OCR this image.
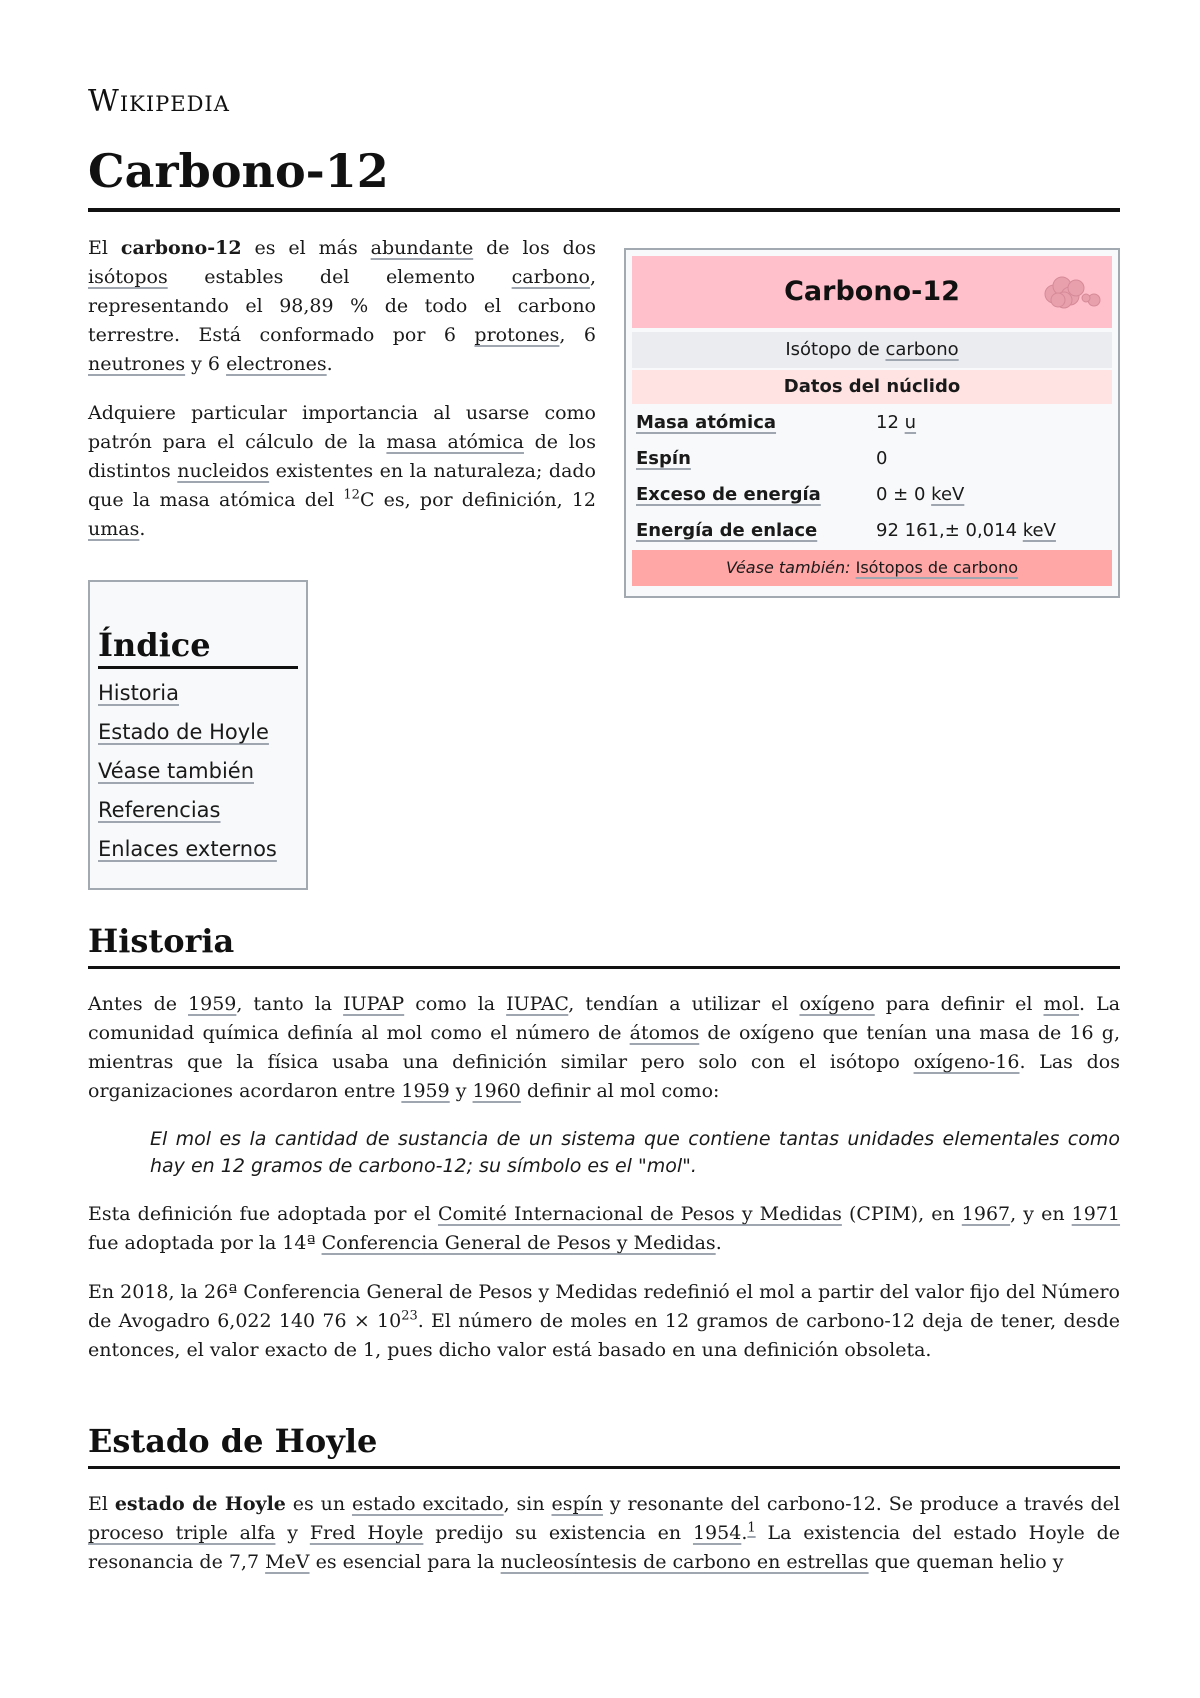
Wikipedia
Carbono-12

El carbono-12 es el más abundante de los dos isótopos estables del elemento carbono, representando el 98,89 % de todo el carbono terrestre. Está conformado por 6 protones, 6 neutrones y 6 electrones.

Adquiere particular importancia al usarse como patrón para el cálculo de la masa atómica de los distintos nucleidos existentes en la naturaleza; dado que la masa atómica del $^{12}$C es, por definición, 12 umas.

Carbono-12
Isótopo de carbono
Datos del núclido
Masa atómica	12 u
Espín	0
Exceso de energía	0 ± 0 keV
Energía de enlace	92 161,± 0,014 keV
Véase también: Isótopos de carbono
Índice
Historia
Estado de Hoyle
Véase también
Referencias
Enlaces externos
Historia

Antes de 1959, tanto la IUPAP como la IUPAC, tendían a utilizar el oxígeno para definir el mol. La comunidad química definía al mol como el número de átomos de oxígeno que tenían una masa de 16 g, mientras que la física usaba una definición similar pero solo con el isótopo oxígeno-16. Las dos organizaciones acordaron entre 1959 y 1960 definir al mol como:

El mol es la cantidad de sustancia de un sistema que contiene tantas unidades elementales como hay en 12 gramos de carbono-12; su símbolo es el "mol".

Esta definición fue adoptada por el Comité Internacional de Pesos y Medidas (CPIM), en 1967, y en 1971 fue adoptada por la 14ª Conferencia General de Pesos y Medidas.

En 2018, la 26ª Conferencia General de Pesos y Medidas redefinió el mol a partir del valor fijo del Número de Avogadro 6,022 140 $76 \times 10^{23}$. El número de moles en 12 gramos de carbono-12 deja de tener, desde entonces, el valor exacto de 1, pues dicho valor está basado en una definición obsoleta.

Estado de Hoyle

El estado de Hoyle es un estado excitado, sin espín y resonante del carbono-12. Se produce a través del proceso triple alfa y Fred Hoyle predijo su existencia en 1954.$^1$ La existencia del estado Hoyle de resonancia de 7,7 MeV es esencial para la nucleosíntesis de carbono en estrellas que queman helio y
